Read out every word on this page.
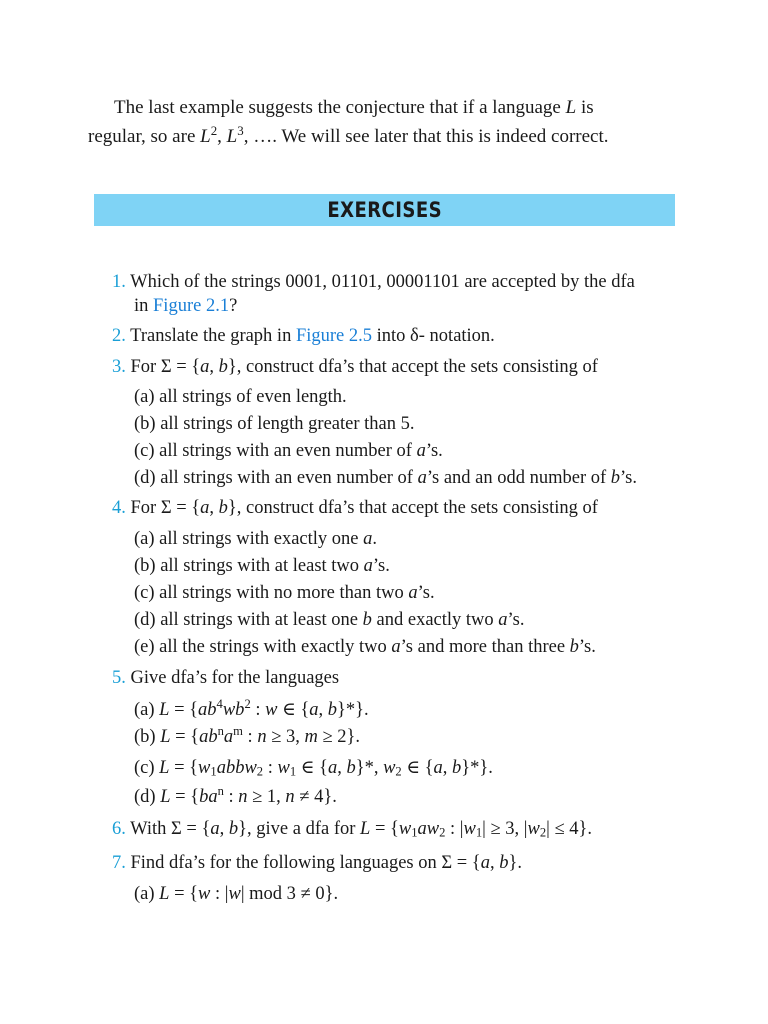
The last example suggests the conjecture that if a language L is
regular, so are $L^2$, $L^3$, …. We will see later that this is indeed correct.

EXERCISES
1. Which of the strings 0001, 01101, 00001101 are accepted by the dfa
in Figure 2.1?
2. Translate the graph in Figure 2.5 into δ- notation.
3. For Σ = {a, b}, construct dfa’s that accept the sets consisting of
(a) all strings of even length.
(b) all strings of length greater than 5.
(c) all strings with an even number of a’s.
(d) all strings with an even number of a’s and an odd number of b’s.
4. For Σ = {a, b}, construct dfa’s that accept the sets consisting of
(a) all strings with exactly one a.
(b) all strings with at least two a’s.
(c) all strings with no more than two a’s.
(d) all strings with at least one b and exactly two a’s.
(e) all the strings with exactly two a’s and more than three b’s.
5. Give dfa’s for the languages
(a) $L = \{ab^4wb^2$ : w ∈ {a, b}*}.
(b) $L = \{ab^na^m$ : n ≥ 3, m ≥ 2}.
(c) $L = \{w_1abbw_2$ : $w_1$ ∈ {a, b}*, $w_2$ ∈ {a, b}*}.
(d) $L = \{ba^n$ : n ≥ 1, n ≠ 4}.
6. With Σ = {a, b}, give a dfa for $L = \{w_1aw_2$ : $|w_1| \ge 3$, $|w_2| \le 4$}.
7. Find dfa’s for the following languages on Σ = {a, b}.
(a) L = {w : |w| mod 3 ≠ 0}.
